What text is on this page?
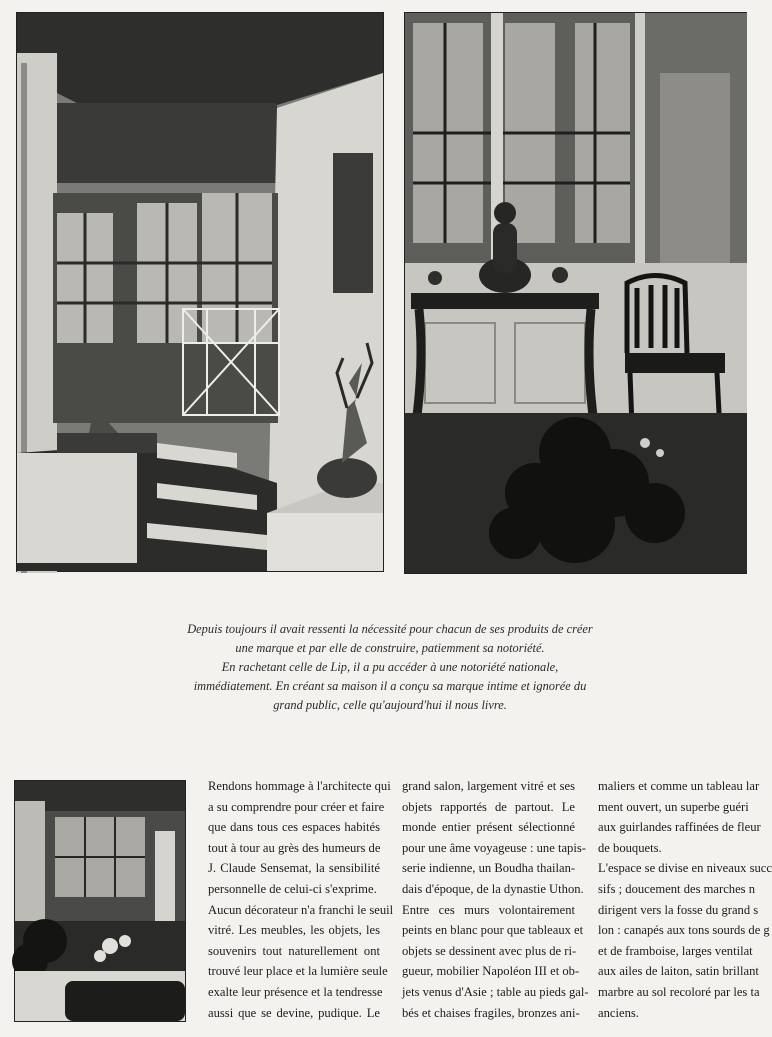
Depuis toujours il avait ressenti la nécessité pour chacun de ses produits de créer
une marque et par elle de construire, patiemment sa notoriété.
En rachetant celle de Lip, il a pu accéder à une notoriété nationale,
immédiatement. En créant sa maison il a conçu sa marque intime et ignorée du
grand public, celle qu'aujourd'hui il nous livre.
Rendons hommage à l'architecte qui
a su comprendre pour créer et faire
que dans tous ces espaces habités
tout à tour au grès des humeurs de
J. Claude Sensemat, la sensibilité
personnelle de celui-ci s'exprime.
Aucun décorateur n'a franchi le seuil
vitré. Les meubles, les objets, les
souvenirs tout naturellement ont
trouvé leur place et la lumière seule
exalte leur présence et la tendresse
aussi que se devine, pudique. Le
grand salon, largement vitré et ses
objets rapportés de partout. Le
monde entier présent sélectionné
pour une âme voyageuse : une tapis-
serie indienne, un Boudha thailan-
dais d'époque, de la dynastie Uthon.
Entre ces murs volontairement
peints en blanc pour que tableaux et
objets se dessinent avec plus de ri-
gueur, mobilier Napoléon III et ob-
jets venus d'Asie ; table au pieds gal-
bés et chaises fragiles, bronzes ani-
maliers et comme un tableau lar
ment ouvert, un superbe guéri
aux guirlandes raffinées de fleur
de bouquets.
L'espace se divise en niveaux succ
sifs ; doucement des marches n
dirigent vers la fosse du grand s
lon : canapés aux tons sourds de g
et de framboise, larges ventilat
aux ailes de laiton, satin brillant
marbre au sol recoloré par les ta
anciens.
